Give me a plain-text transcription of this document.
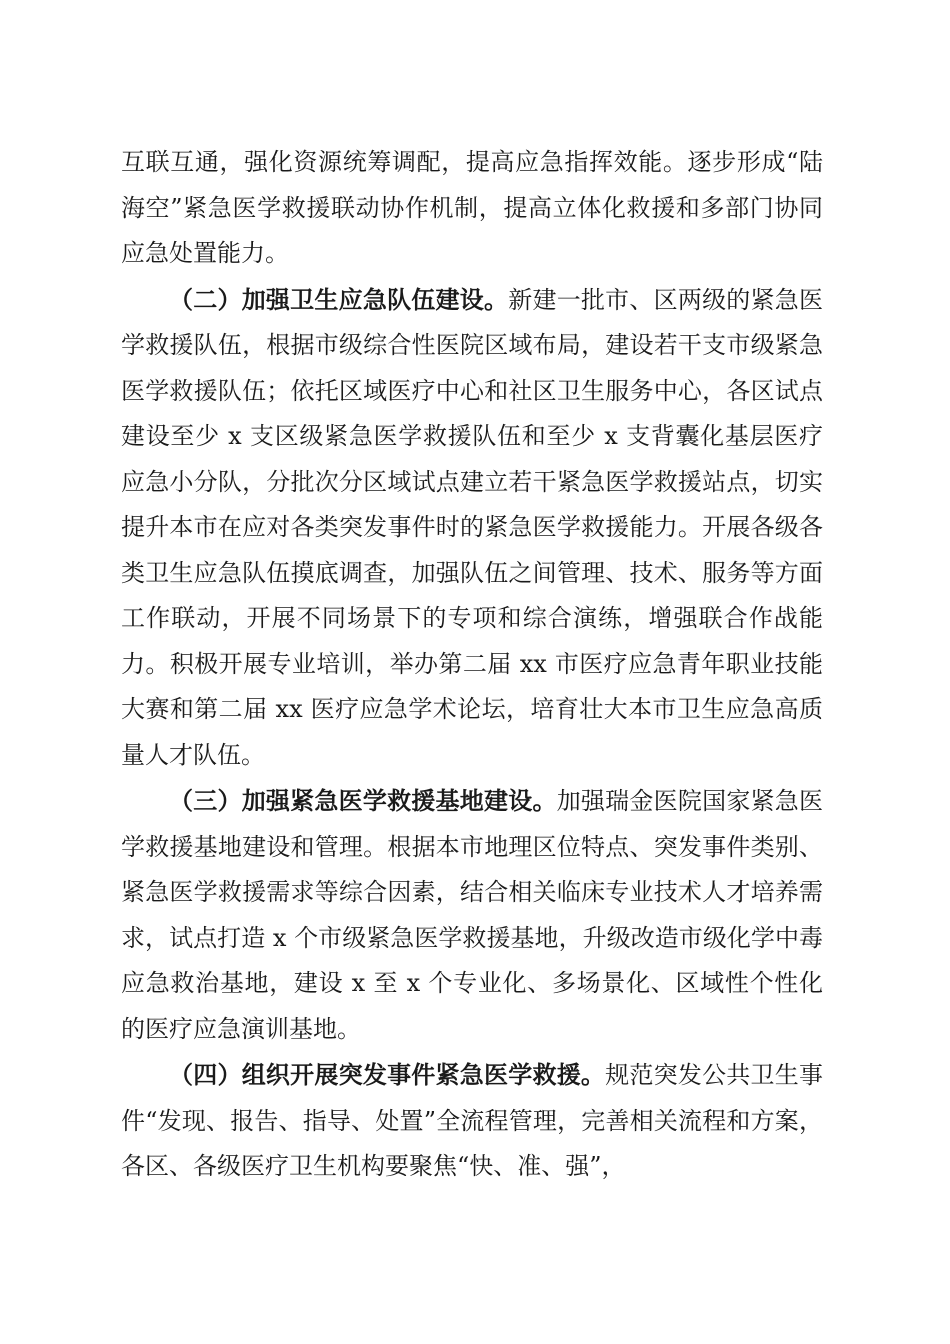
互联互通，强化资源统筹调配，提高应急指挥效能。逐步形成“陆海空”紧急医学救援联动协作机制，提高立体化救援和多部门协同应急处置能力。

（二）加强卫生应急队伍建设。新建一批市、区两级的紧急医学救援队伍，根据市级综合性医院区域布局，建设若干支市级紧急医学救援队伍；依托区域医疗中心和社区卫生服务中心，各区试点建设至少 x 支区级紧急医学救援队伍和至少 x 支背囊化基层医疗应急小分队，分批次分区域试点建立若干紧急医学救援站点，切实提升本市在应对各类突发事件时的紧急医学救援能力。开展各级各类卫生应急队伍摸底调查，加强队伍之间管理、技术、服务等方面工作联动，开展不同场景下的专项和综合演练，增强联合作战能力。积极开展专业培训，举办第二届 xx 市医疗应急青年职业技能大赛和第二届 xx 医疗应急学术论坛，培育壮大本市卫生应急高质量人才队伍。

（三）加强紧急医学救援基地建设。加强瑞金医院国家紧急医学救援基地建设和管理。根据本市地理区位特点、突发事件类别、紧急医学救援需求等综合因素，结合相关临床专业技术人才培养需求，试点打造 x 个市级紧急医学救援基地，升级改造市级化学中毒应急救治基地，建设 x 至 x 个专业化、多场景化、区域性个性化的医疗应急演训基地。

（四）组织开展突发事件紧急医学救援。规范突发公共卫生事件“发现、报告、指导、处置”全流程管理，完善相关流程和方案，各区、各级医疗卫生机构要聚焦“快、准、强”，
